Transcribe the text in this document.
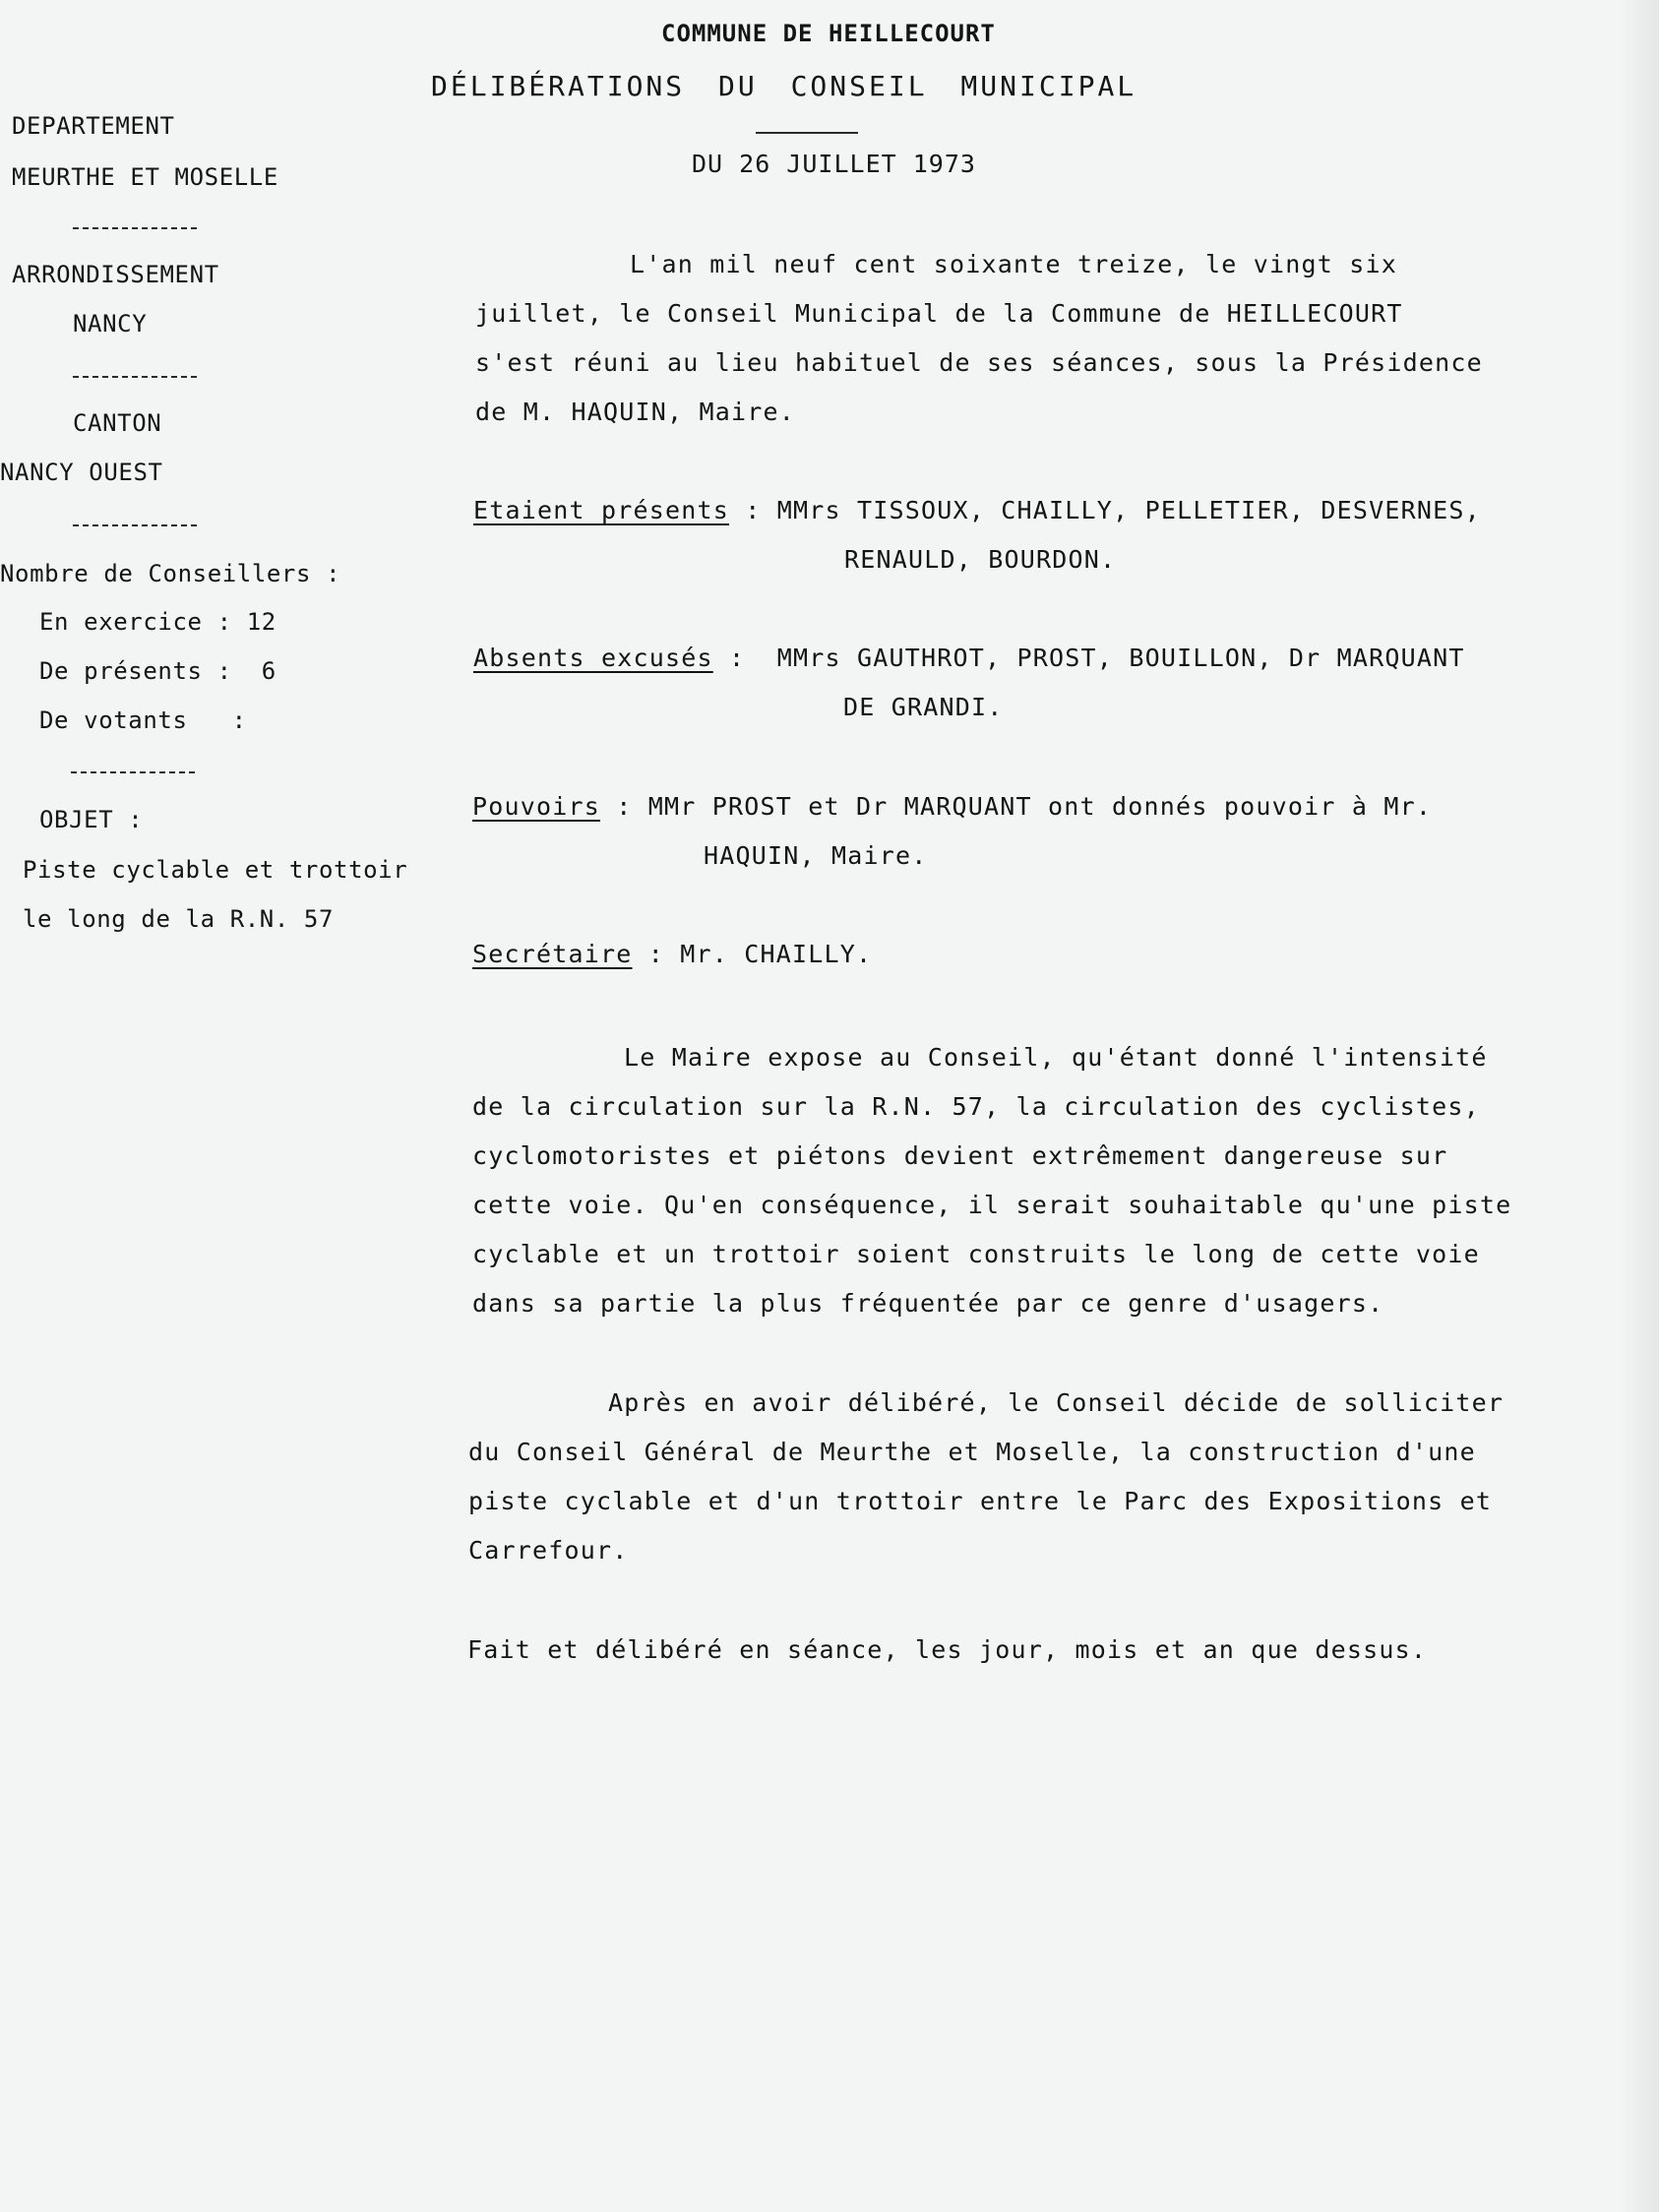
COMMUNE DE HEILLECOURT
DÉLIBÉRATIONS DU CONSEIL MUNICIPAL
DU 26 JUILLET 1973
DEPARTEMENT
MEURTHE ET MOSELLE
ARRONDISSEMENT
NANCY
CANTON
NANCY OUEST
Nombre de Conseillers :
En exercice : 12
De présents :  6
De votants   :
OBJET :
Piste cyclable et trottoir
le long de la R.N. 57
L'an mil neuf cent soixante treize, le vingt six
juillet, le Conseil Municipal de la Commune de HEILLECOURT
s'est réuni au lieu habituel de ses séances, sous la Présidence
de M. HAQUIN, Maire.
Etaient présents : MMrs TISSOUX, CHAILLY, PELLETIER, DESVERNES,
RENAULD, BOURDON.
Absents excusés :  MMrs GAUTHROT, PROST, BOUILLON, Dr MARQUANT
DE GRANDI.
Pouvoirs : MMr PROST et Dr MARQUANT ont donnés pouvoir à Mr.
HAQUIN, Maire.
Secrétaire : Mr. CHAILLY.
Le Maire expose au Conseil, qu'étant donné l'intensité
de la circulation sur la R.N. 57, la circulation des cyclistes,
cyclomotoristes et piétons devient extrêmement dangereuse sur
cette voie. Qu'en conséquence, il serait souhaitable qu'une piste
cyclable et un trottoir soient construits le long de cette voie
dans sa partie la plus fréquentée par ce genre d'usagers.
Après en avoir délibéré, le Conseil décide de solliciter
du Conseil Général de Meurthe et Moselle, la construction d'une
piste cyclable et d'un trottoir entre le Parc des Expositions et
Carrefour.
Fait et délibéré en séance, les jour, mois et an que dessus.
